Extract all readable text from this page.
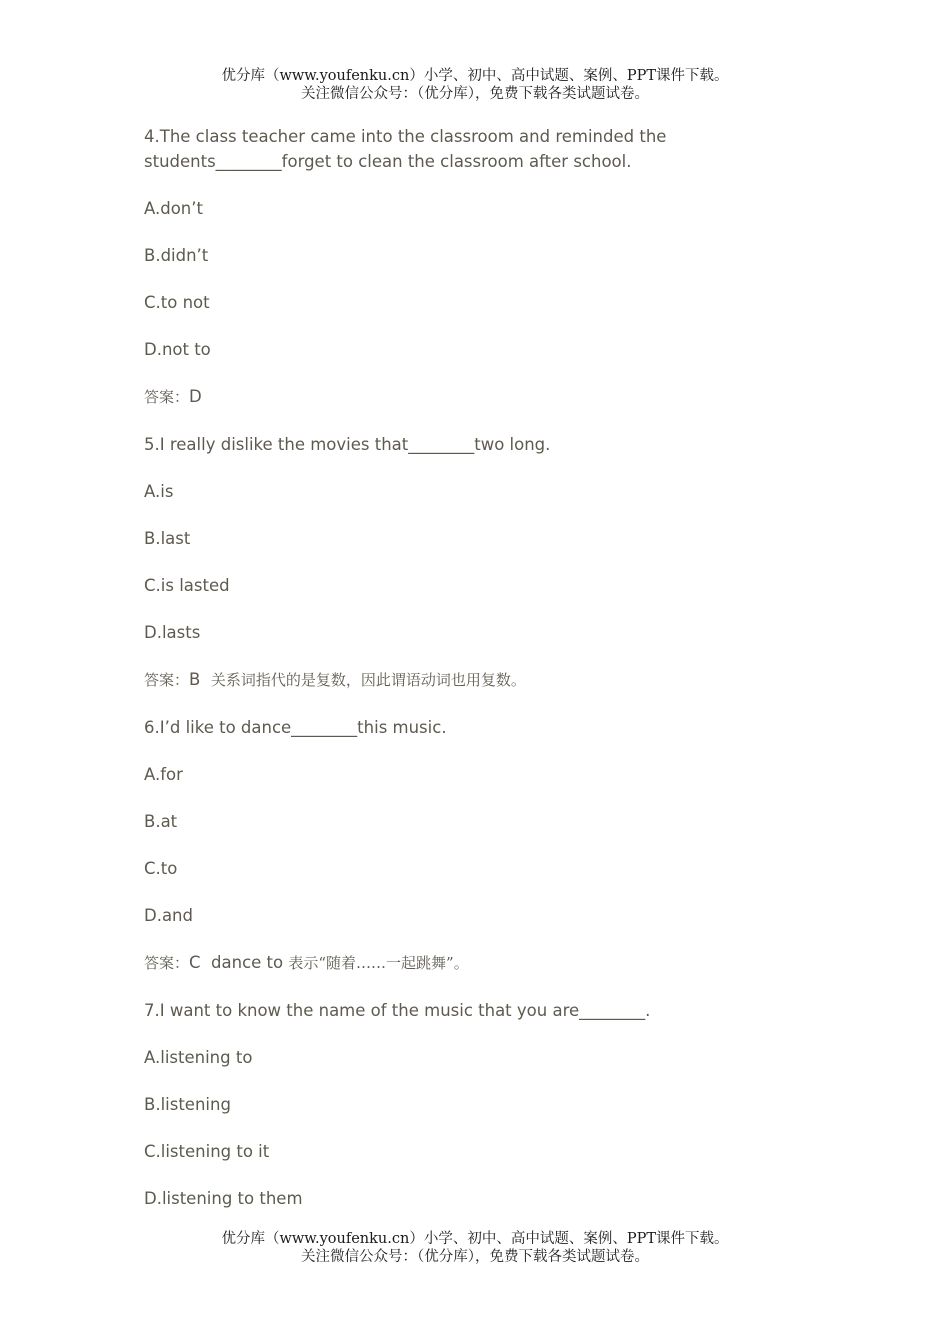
优分库（www.youfenku.cn）小学、初中、高中试题、案例、PPT课件下载。
关注微信公众号：（优分库），免费下载各类试题试卷。
4.The class teacher came into the classroom and reminded the students________forget to clean the classroom after school.
A.don’t
B.didn’t
C.to not
D.not to
答案：D
5.I really dislike the movies that________two long.
A.is
B.last
C.is lasted
D.lasts
答案：B 关系词指代的是复数，因此谓语动词也用复数。
6.I’d like to dance________this music.
A.for
B.at
C.to
D.and
答案：C dance to 表示“随着……一起跳舞”。
7.I want to know the name of the music that you are________.
A.listening to
B.listening
C.listening to it
D.listening to them
优分库（www.youfenku.cn）小学、初中、高中试题、案例、PPT课件下载。
关注微信公众号：（优分库），免费下载各类试题试卷。
